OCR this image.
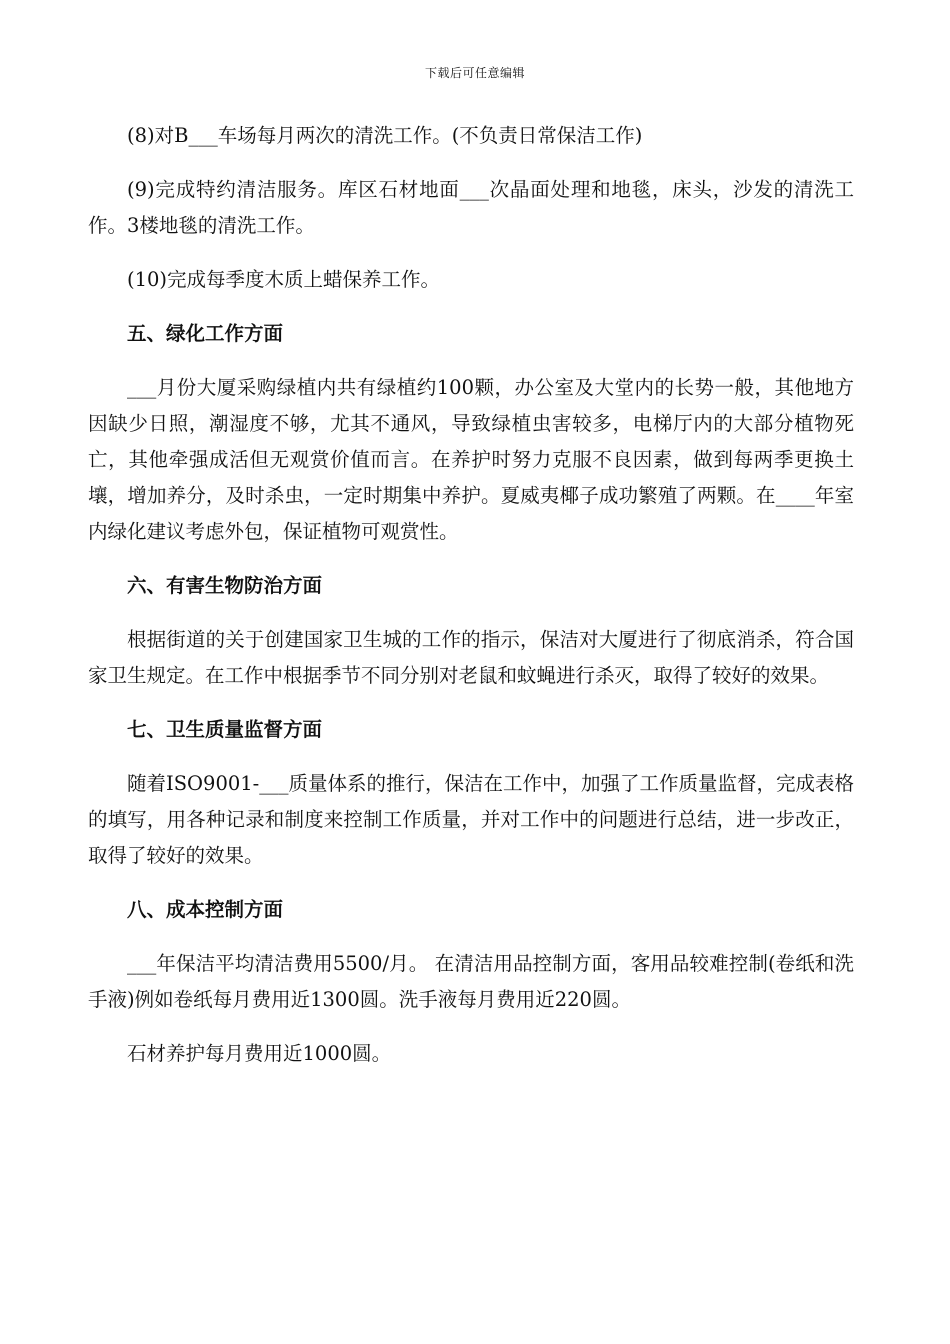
下载后可任意编辑

(8)对B___车场每月两次的清洗工作。(不负责日常保洁工作)

(9)完成特约清洁服务。库区石材地面___次晶面处理和地毯，床头，沙发的清洗工作。3楼地毯的清洗工作。

(10)完成每季度木质上蜡保养工作。

五、绿化工作方面

___月份大厦采购绿植内共有绿植约100颗，办公室及大堂内的长势一般，其他地方因缺少日照，潮湿度不够，尤其不通风，导致绿植虫害较多，电梯厅内的大部分植物死亡，其他牵强成活但无观赏价值而言。在养护时努力克服不良因素，做到每两季更换土壤，增加养分，及时杀虫，一定时期集中养护。夏威夷椰子成功繁殖了两颗。在____年室内绿化建议考虑外包，保证植物可观赏性。

六、有害生物防治方面

根据街道的关于创建国家卫生城的工作的指示，保洁对大厦进行了彻底消杀，符合国家卫生规定。在工作中根据季节不同分别对老鼠和蚊蝇进行杀灭，取得了较好的效果。

七、卫生质量监督方面

随着ISO9001-___质量体系的推行，保洁在工作中，加强了工作质量监督，完成表格的填写，用各种记录和制度来控制工作质量，并对工作中的问题进行总结，进一步改正，取得了较好的效果。

八、成本控制方面

___年保洁平均清洁费用5500/月。 在清洁用品控制方面，客用品较难控制(卷纸和洗手液)例如卷纸每月费用近1300圆。洗手液每月费用近220圆。

石材养护每月费用近1000圆。
